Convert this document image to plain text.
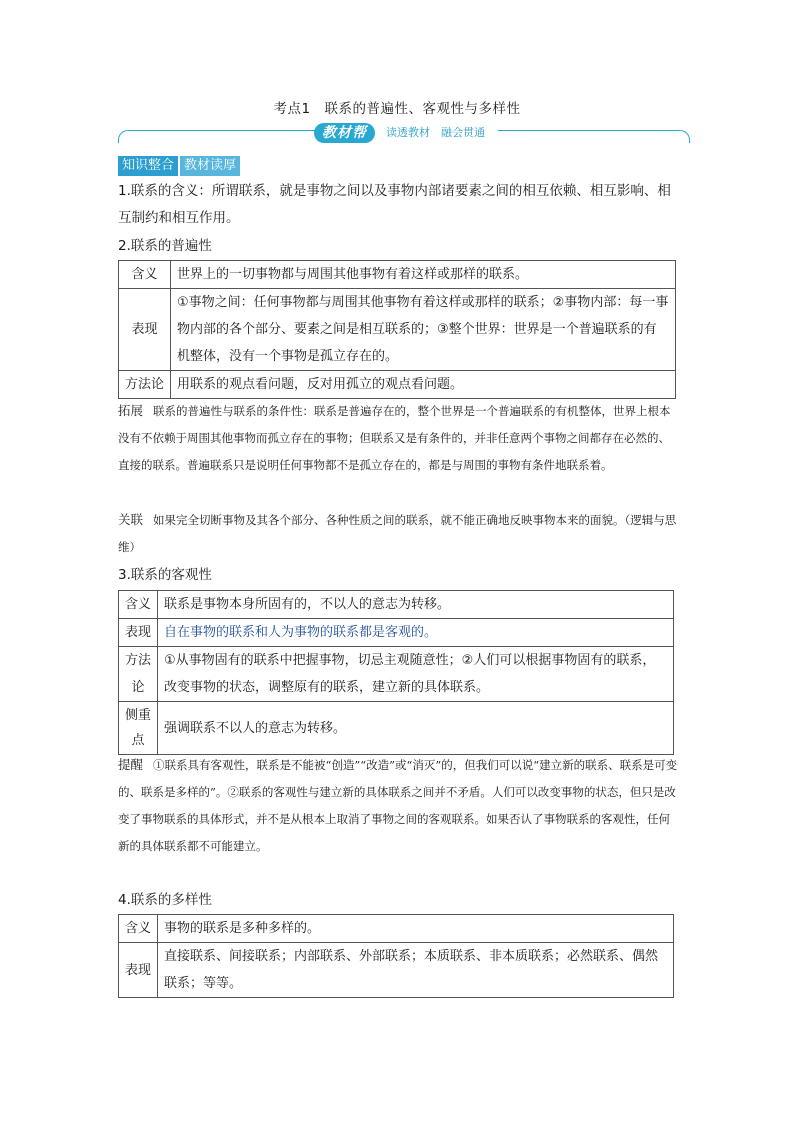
考点1　联系的普遍性、客观性与多样性
教材帮	读透教材　融会贯通
知识整合 教材读厚
1.联系的含义：所谓联系，就是事物之间以及事物内部诸要素之间的相互依赖、相互影响、相互制约和相互作用。
2.联系的普遍性
含义	世界上的一切事物都与周围其他事物有着这样或那样的联系。
表现	①事物之间：任何事物都与周围其他事物有着这样或那样的联系；②事物内部：每一事物内部的各个部分、要素之间是相互联系的；③整个世界：世界是一个普遍联系的有机整体，没有一个事物是孤立存在的。
方法论	用联系的观点看问题，反对用孤立的观点看问题。
拓展 联系的普遍性与联系的条件性：联系是普遍存在的，整个世界是一个普遍联系的有机整体，世界上根本没有不依赖于周围其他事物而孤立存在的事物；但联系又是有条件的，并非任意两个事物之间都存在必然的、直接的联系。普遍联系只是说明任何事物都不是孤立存在的，都是与周围的事物有条件地联系着。
关联 如果完全切断事物及其各个部分、各种性质之间的联系，就不能正确地反映事物本来的面貌。（逻辑与思维）
3.联系的客观性
含义	联系是事物本身所固有的，不以人的意志为转移。
表现	自在事物的联系和人为事物的联系都是客观的。
方法论	①从事物固有的联系中把握事物，切忌主观随意性；②人们可以根据事物固有的联系，改变事物的状态，调整原有的联系，建立新的具体联系。
侧重点	强调联系不以人的意志为转移。
提醒 ①联系具有客观性，联系是不能被“创造”“改造”或“消灭”的，但我们可以说“建立新的联系、联系是可变的、联系是多样的”。②联系的客观性与建立新的具体联系之间并不矛盾。人们可以改变事物的状态，但只是改变了事物联系的具体形式，并不是从根本上取消了事物之间的客观联系。如果否认了事物联系的客观性，任何新的具体联系都不可能建立。
4.联系的多样性
含义	事物的联系是多种多样的。
表现	直接联系、间接联系；内部联系、外部联系；本质联系、非本质联系；必然联系、偶然联系；等等。
